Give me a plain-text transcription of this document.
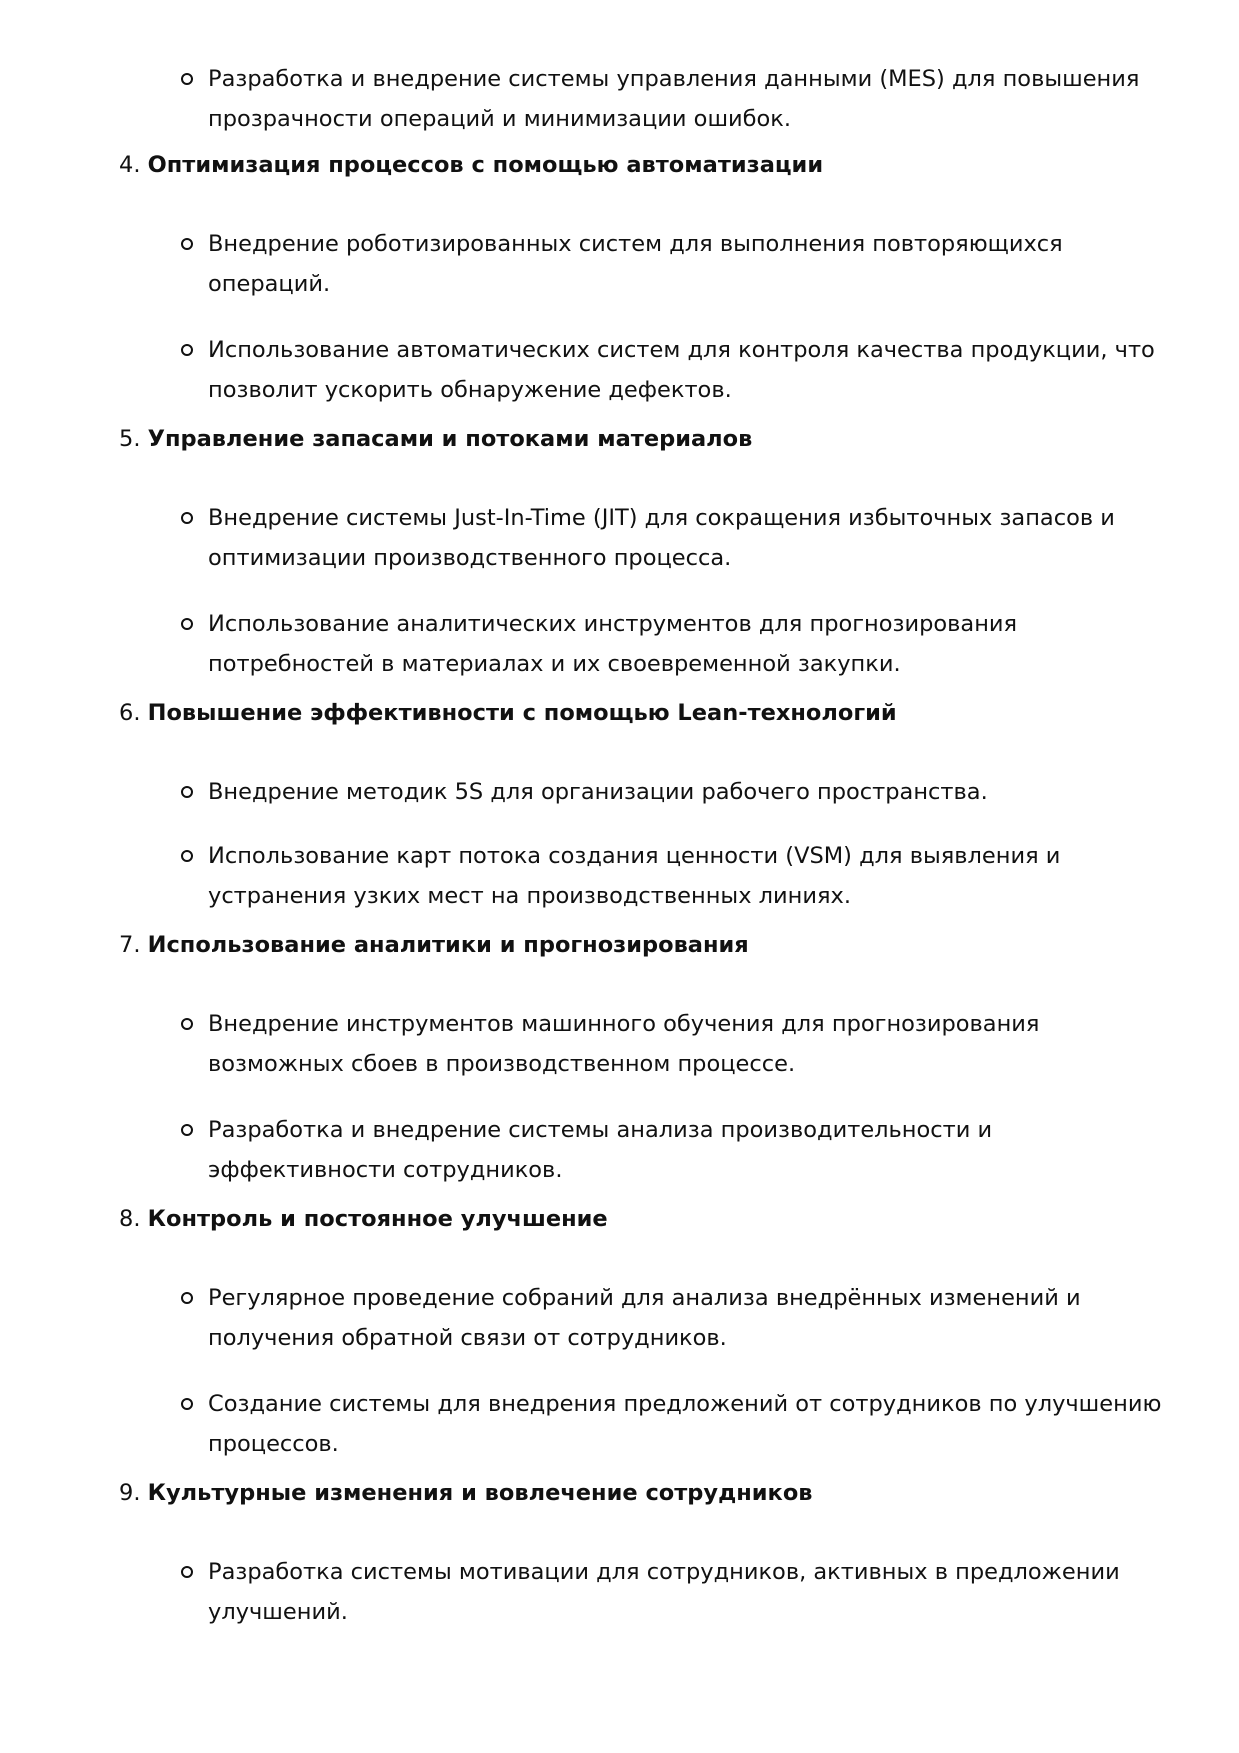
Разработка и внедрение системы управления данными (MES) для повышения прозрачности операций и минимизации ошибок.
4. Оптимизация процессов с помощью автоматизации
Внедрение роботизированных систем для выполнения повторяющихся операций.
Использование автоматических систем для контроля качества продукции, что позволит ускорить обнаружение дефектов.
5. Управление запасами и потоками материалов
Внедрение системы Just-In-Time (JIT) для сокращения избыточных запасов и оптимизации производственного процесса.
Использование аналитических инструментов для прогнозирования потребностей в материалах и их своевременной закупки.
6. Повышение эффективности с помощью Lean-технологий
Внедрение методик 5S для организации рабочего пространства.
Использование карт потока создания ценности (VSM) для выявления и устранения узких мест на производственных линиях.
7. Использование аналитики и прогнозирования
Внедрение инструментов машинного обучения для прогнозирования возможных сбоев в производственном процессе.
Разработка и внедрение системы анализа производительности и эффективности сотрудников.
8. Контроль и постоянное улучшение
Регулярное проведение собраний для анализа внедрённых изменений и получения обратной связи от сотрудников.
Создание системы для внедрения предложений от сотрудников по улучшению процессов.
9. Культурные изменения и вовлечение сотрудников
Разработка системы мотивации для сотрудников, активных в предложении улучшений.
